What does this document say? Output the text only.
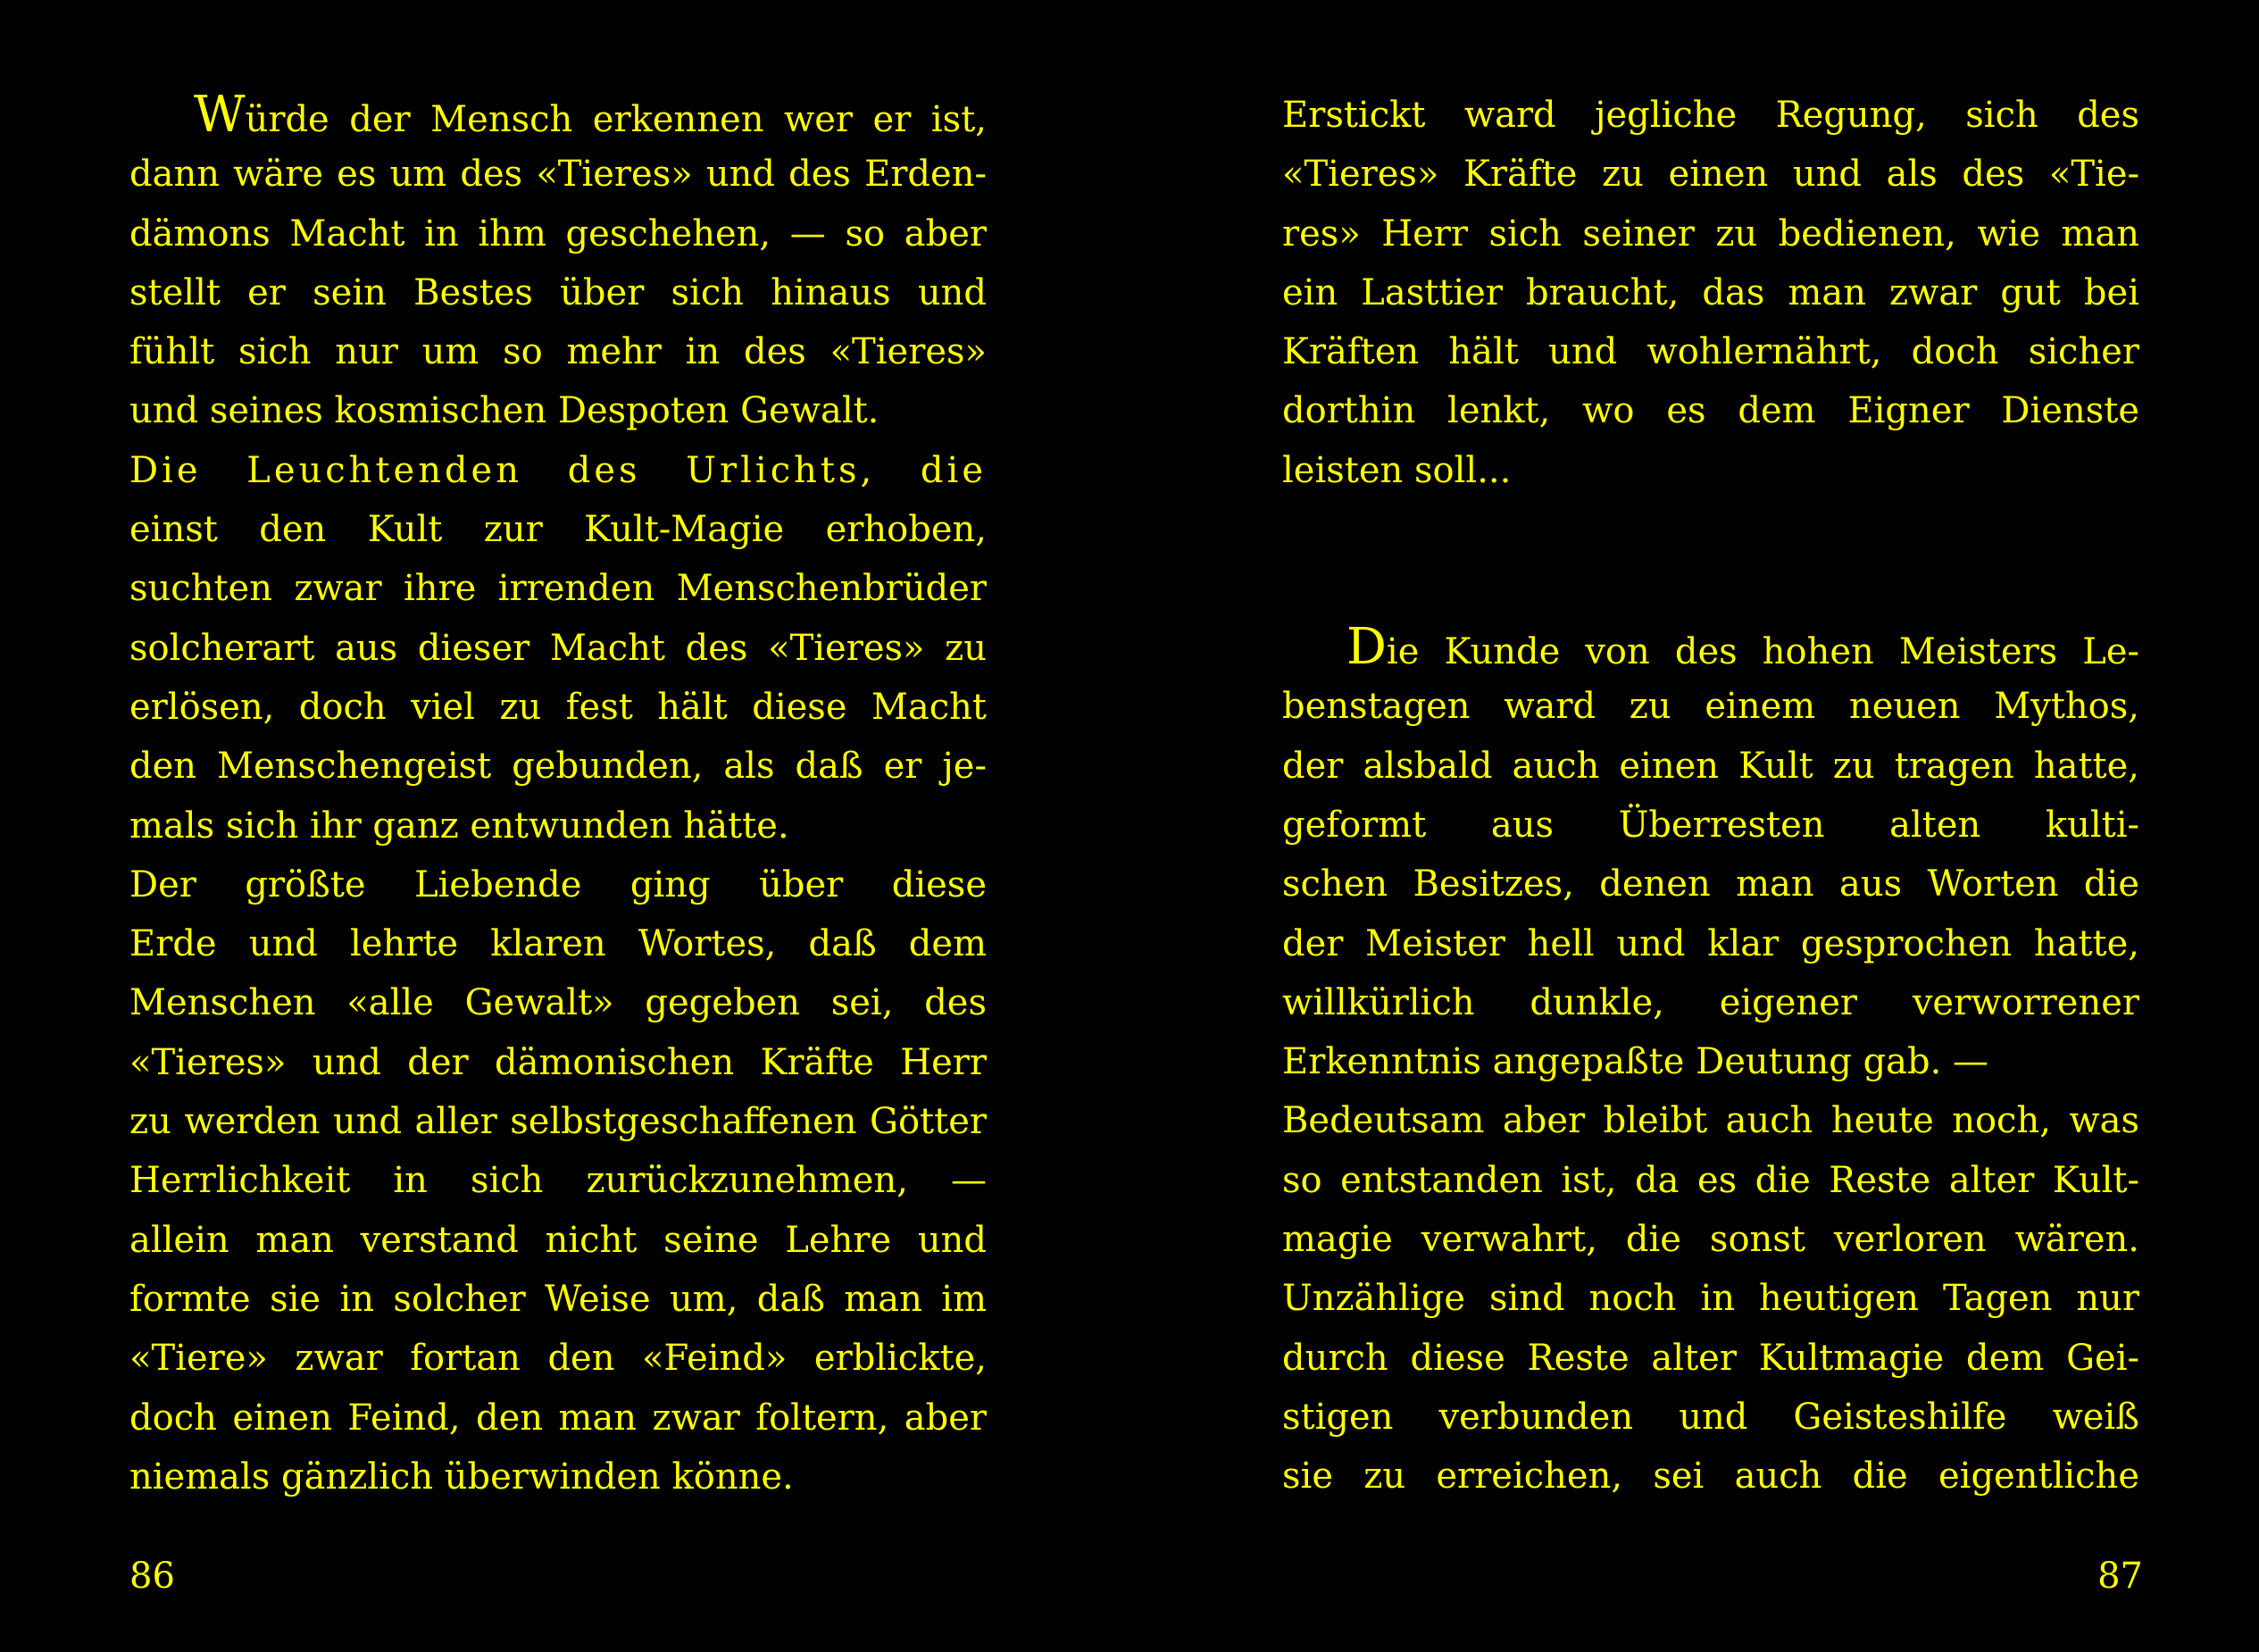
Würde der Mensch erkennen wer er ist,
dann wäre es um des «Tieres» und des Erden-
dämons Macht in ihm geschehen, — so aber
stellt er sein Bestes über sich hinaus und
fühlt sich nur um so mehr in des «Tieres»
und seines kosmischen Despoten Gewalt.
Die Leuchtenden des Urlichts, die
einst den Kult zur Kult-Magie erhoben,
suchten zwar ihre irrenden Menschenbrüder
solcherart aus dieser Macht des «Tieres» zu
erlösen, doch viel zu fest hält diese Macht
den Menschengeist gebunden, als daß er je-
mals sich ihr ganz entwunden hätte.
Der größte Liebende ging über diese
Erde und lehrte klaren Wortes, daß dem
Menschen «alle Gewalt» gegeben sei, des
«Tieres» und der dämonischen Kräfte Herr
zu werden und aller selbstgeschaffenen Götter
Herrlichkeit in sich zurückzunehmen, —
allein man verstand nicht seine Lehre und
formte sie in solcher Weise um, daß man im
«Tiere» zwar fortan den «Feind» erblickte,
doch einen Feind, den man zwar foltern, aber
niemals gänzlich überwinden könne.
86
Erstickt ward jegliche Regung, sich des
«Tieres» Kräfte zu einen und als des «Tie-
res» Herr sich seiner zu bedienen, wie man
ein Lasttier braucht, das man zwar gut bei
Kräften hält und wohlernährt, doch sicher
dorthin lenkt, wo es dem Eigner Dienste
leisten soll...
Die Kunde von des hohen Meisters Le-
benstagen ward zu einem neuen Mythos,
der alsbald auch einen Kult zu tragen hatte,
geformt aus Überresten alten kulti-
schen Besitzes, denen man aus Worten die
der Meister hell und klar gesprochen hatte,
willkürlich dunkle, eigener verworrener
Erkenntnis angepaßte Deutung gab. —
Bedeutsam aber bleibt auch heute noch, was
so entstanden ist, da es die Reste alter Kult-
magie verwahrt, die sonst verloren wären.
Unzählige sind noch in heutigen Tagen nur
durch diese Reste alter Kultmagie dem Gei-
stigen verbunden und Geisteshilfe weiß
sie zu erreichen, sei auch die eigentliche
87
